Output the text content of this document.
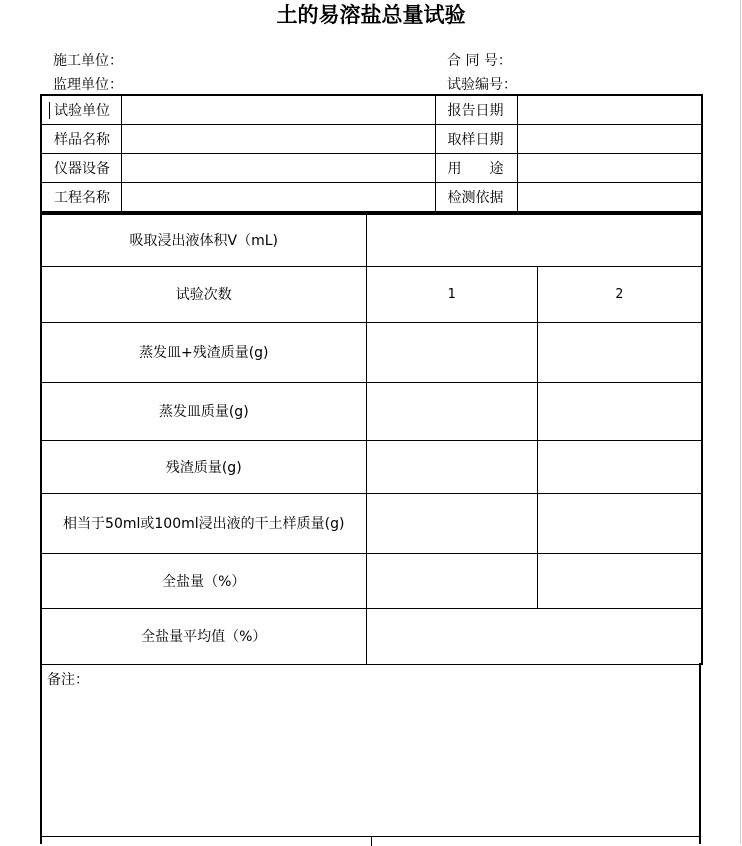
土的易溶盐总量试验
施工单位：	合 同 号：
监理单位：	试验编号：
试验单位		报告日期	
样品名称		取样日期	
仪器设备		用　　途	
工程名称		检测依据	
吸取浸出液体积V（mL)		
试验次数	1	2
蒸发皿+残渣质量(g)		
蒸发皿质量(g)		
残渣质量(g)		
相当于50ml或100ml浸出液的干土样质量(g)		
全盐量（%）		
全盐量平均值（%）		
备注：
